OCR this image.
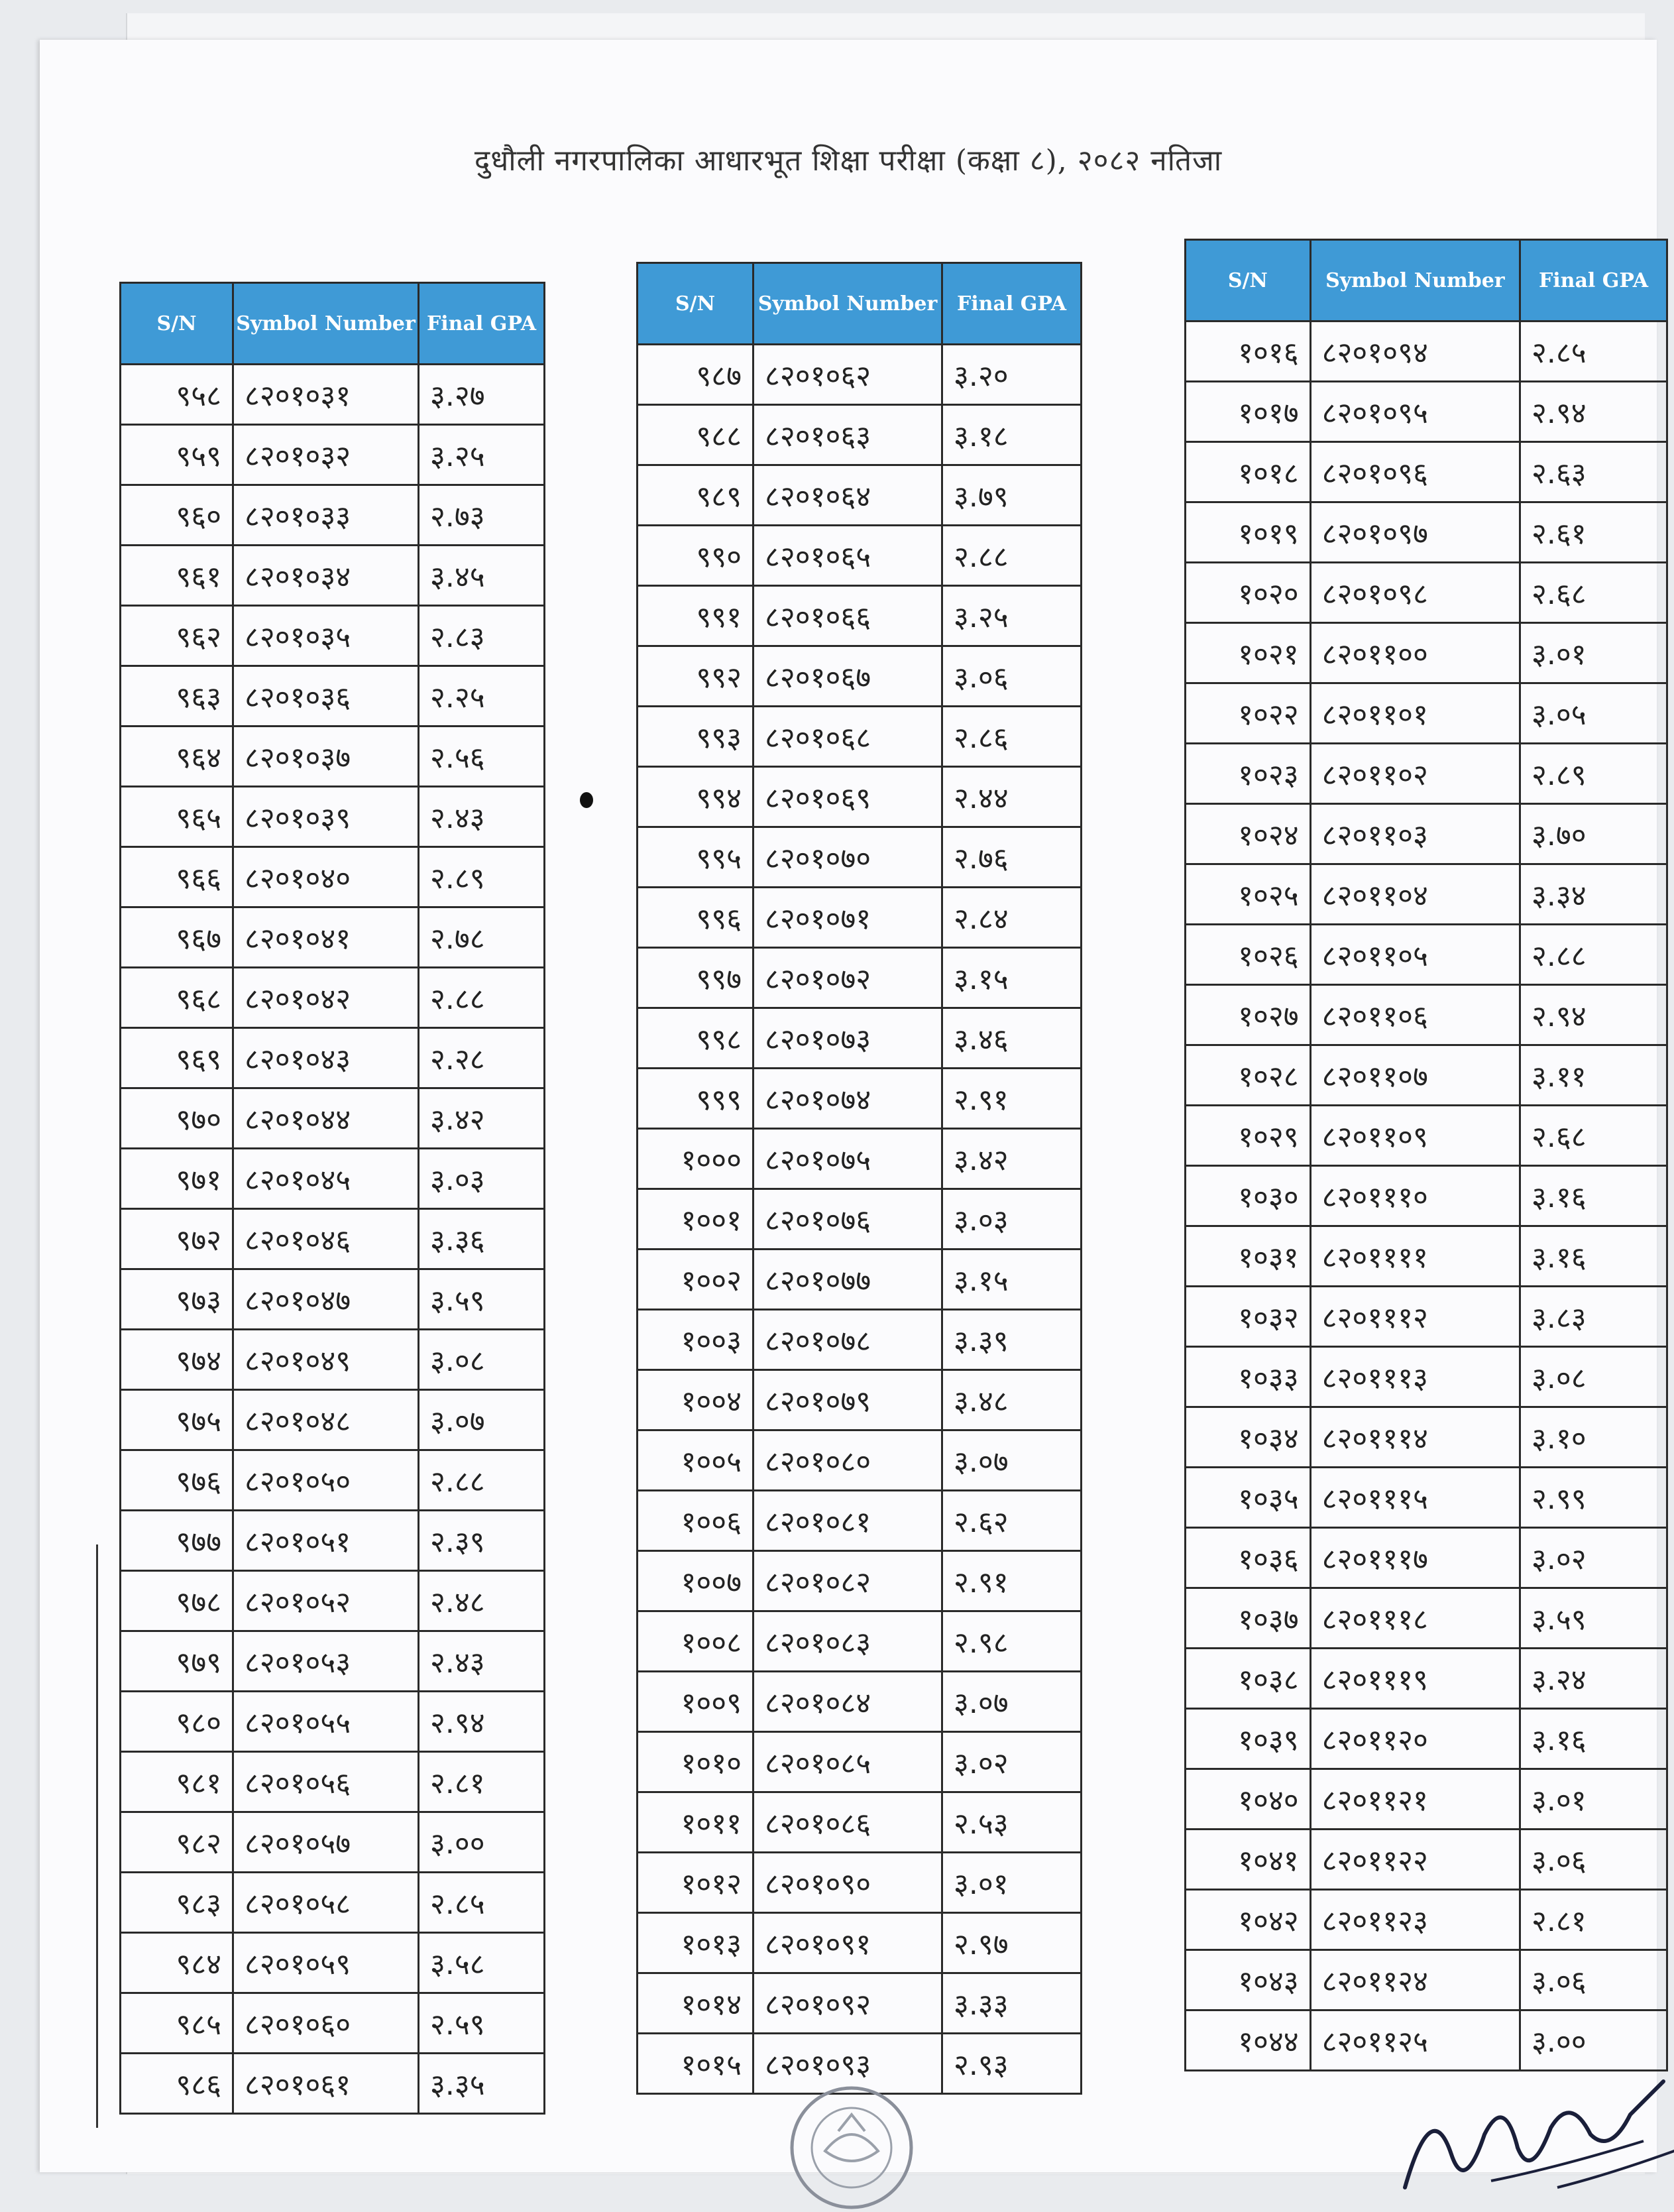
दुधौली नगरपालिका आधारभूत शिक्षा परीक्षा (कक्षा ८), २०८२ नतिजा
S/N	Symbol Number	Final GPA
९५८	८२०१०३१	३.२७
९५९	८२०१०३२	३.२५
९६०	८२०१०३३	२.७३
९६१	८२०१०३४	३.४५
९६२	८२०१०३५	२.८३
९६३	८२०१०३६	२.२५
९६४	८२०१०३७	२.५६
९६५	८२०१०३९	२.४३
९६६	८२०१०४०	२.८९
९६७	८२०१०४१	२.७८
९६८	८२०१०४२	२.८८
९६९	८२०१०४३	२.२८
९७०	८२०१०४४	३.४२
९७१	८२०१०४५	३.०३
९७२	८२०१०४६	३.३६
९७३	८२०१०४७	३.५९
९७४	८२०१०४९	३.०८
९७५	८२०१०४८	३.०७
९७६	८२०१०५०	२.८८
९७७	८२०१०५१	२.३९
९७८	८२०१०५२	२.४८
९७९	८२०१०५३	२.४३
९८०	८२०१०५५	२.९४
९८१	८२०१०५६	२.८१
९८२	८२०१०५७	३.००
९८३	८२०१०५८	२.८५
९८४	८२०१०५९	३.५८
९८५	८२०१०६०	२.५९
९८६	८२०१०६१	३.३५
S/N	Symbol Number	Final GPA
९८७	८२०१०६२	३.२०
९८८	८२०१०६३	३.१८
९८९	८२०१०६४	३.७९
९९०	८२०१०६५	२.८८
९९१	८२०१०६६	३.२५
९९२	८२०१०६७	३.०६
९९३	८२०१०६८	२.८६
९९४	८२०१०६९	२.४४
९९५	८२०१०७०	२.७६
९९६	८२०१०७१	२.८४
९९७	८२०१०७२	३.१५
९९८	८२०१०७३	३.४६
९९९	८२०१०७४	२.९१
१०००	८२०१०७५	३.४२
१००१	८२०१०७६	३.०३
१००२	८२०१०७७	३.१५
१००३	८२०१०७८	३.३९
१००४	८२०१०७९	३.४८
१००५	८२०१०८०	३.०७
१००६	८२०१०८१	२.६२
१००७	८२०१०८२	२.९१
१००८	८२०१०८३	२.९८
१००९	८२०१०८४	३.०७
१०१०	८२०१०८५	३.०२
१०११	८२०१०८६	२.५३
१०१२	८२०१०९०	३.०१
१०१३	८२०१०९१	२.९७
१०१४	८२०१०९२	३.३३
१०१५	८२०१०९३	२.९३
S/N	Symbol Number	Final GPA
१०१६	८२०१०९४	२.८५
१०१७	८२०१०९५	२.९४
१०१८	८२०१०९६	२.६३
१०१९	८२०१०९७	२.६१
१०२०	८२०१०९८	२.६८
१०२१	८२०११००	३.०१
१०२२	८२०११०१	३.०५
१०२३	८२०११०२	२.८९
१०२४	८२०११०३	३.७०
१०२५	८२०११०४	३.३४
१०२६	८२०११०५	२.८८
१०२७	८२०११०६	२.९४
१०२८	८२०११०७	३.११
१०२९	८२०११०९	२.६८
१०३०	८२०१११०	३.१६
१०३१	८२०११११	३.१६
१०३२	८२०१११२	३.८३
१०३३	८२०१११३	३.०८
१०३४	८२०१११४	३.१०
१०३५	८२०१११५	२.९९
१०३६	८२०१११७	३.०२
१०३७	८२०१११८	३.५९
१०३८	८२०१११९	३.२४
१०३९	८२०११२०	३.१६
१०४०	८२०११२१	३.०१
१०४१	८२०११२२	३.०६
१०४२	८२०११२३	२.८१
१०४३	८२०११२४	३.०६
१०४४	८२०११२५	३.००
